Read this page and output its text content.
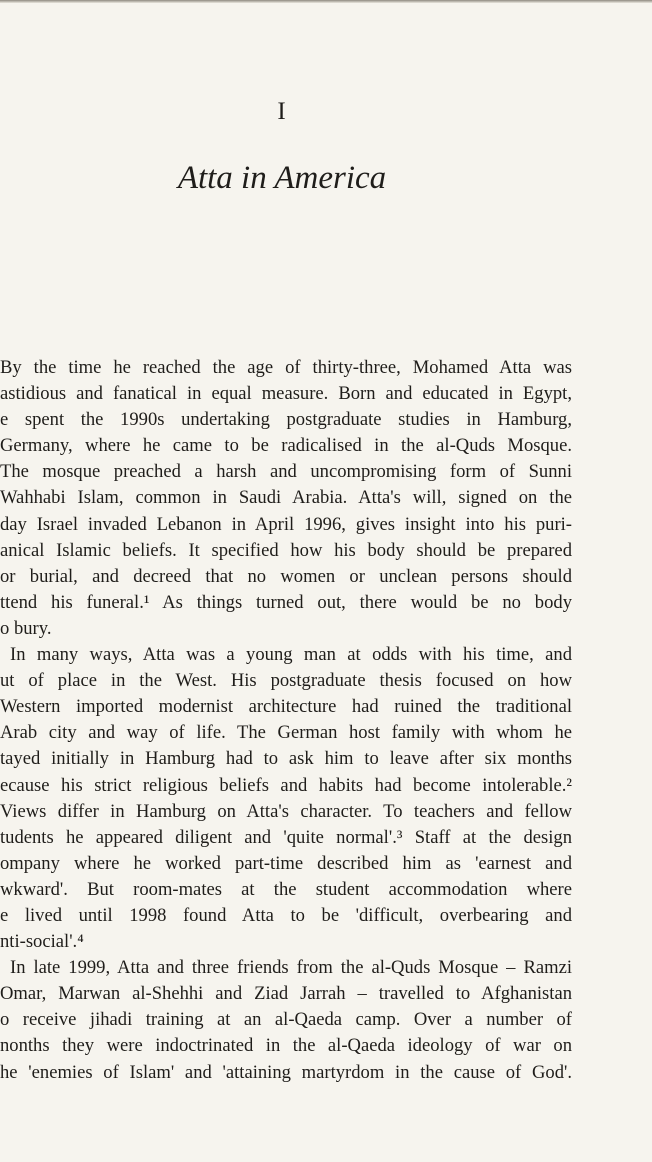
I
Atta in America
By the time he reached the age of thirty-three, Mohamed Atta was
astidious and fanatical in equal measure. Born and educated in Egypt,
e spent the 1990s undertaking postgraduate studies in Hamburg,
Germany, where he came to be radicalised in the al-Quds Mosque.
The mosque preached a harsh and uncompromising form of Sunni
Wahhabi Islam, common in Saudi Arabia. Atta's will, signed on the
day Israel invaded Lebanon in April 1996, gives insight into his puri-
anical Islamic beliefs. It specified how his body should be prepared
or burial, and decreed that no women or unclean persons should
ttend his funeral.¹ As things turned out, there would be no body
o bury.
In many ways, Atta was a young man at odds with his time, and
ut of place in the West. His postgraduate thesis focused on how
Western imported modernist architecture had ruined the traditional
Arab city and way of life. The German host family with whom he
tayed initially in Hamburg had to ask him to leave after six months
ecause his strict religious beliefs and habits had become intolerable.²
Views differ in Hamburg on Atta's character. To teachers and fellow
tudents he appeared diligent and 'quite normal'.³ Staff at the design
ompany where he worked part-time described him as 'earnest and
wkward'. But room-mates at the student accommodation where
e lived until 1998 found Atta to be 'difficult, overbearing and
nti-social'.⁴
In late 1999, Atta and three friends from the al-Quds Mosque – Ramzi
Omar, Marwan al-Shehhi and Ziad Jarrah – travelled to Afghanistan
o receive jihadi training at an al-Qaeda camp. Over a number of
nonths they were indoctrinated in the al-Qaeda ideology of war on
he 'enemies of Islam' and 'attaining martyrdom in the cause of God'.
